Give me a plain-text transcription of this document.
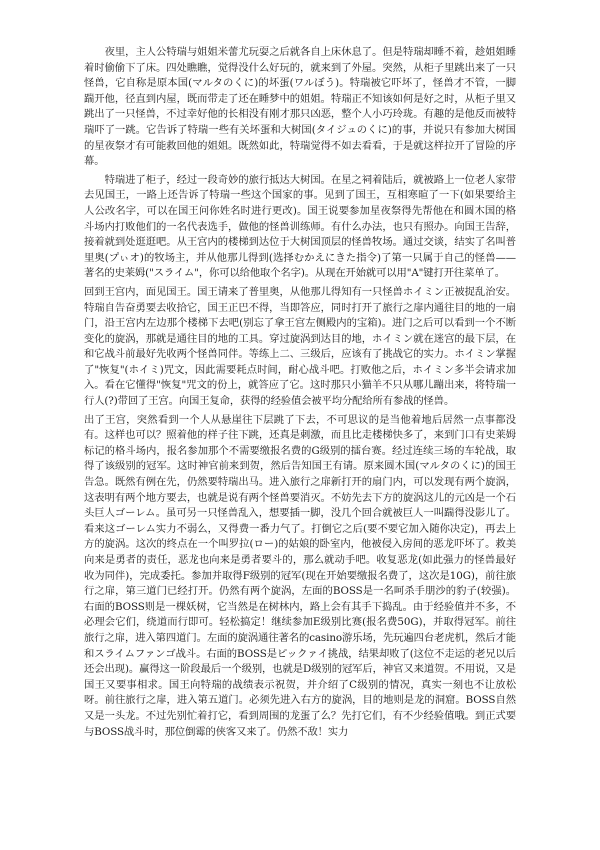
夜里，主人公特瑞与姐姐米蕾尤玩耍之后就各自上床休息了。但是特瑞却睡不着，趁姐姐睡着时偷偷下了床。四处瞧瞧，觉得没什么好玩的，就来到了外屋。突然，从柜子里跳出来了一只怪兽，它自称是原本国(マルタのくに)的坏蛋(ワルぼう)。特瑞被它吓坏了，怪兽才不管，一脚踹开他，径直到内屋，既而带走了还在睡梦中的姐姐。特瑞正不知该如何是好之时，从柜子里又跳出了一只怪兽，不过幸好他的长相没有刚才那只凶恶，整个人小巧玲珑。有趣的是他反而被特瑞吓了一跳。它告诉了特瑞一些有关坏蛋和大树国(タイジュのくに)的事，并说只有参加大树国的星夜祭才有可能救回他的姐姐。既然如此，特瑞觉得不如去看看，于是就这样拉开了冒险的序幕。

特瑞进了柜子，经过一段奇妙的旅行抵达大树国。在星之祠着陆后，就被路上一位老人家带去见国王，一路上还告诉了特瑞一些这个国家的事。见到了国王，互相寒暄了一下(如果要给主人公改名字，可以在国王问你姓名时进行更改)。国王说要参加星夜祭得先帮他在和圆木国的格斗场内打败他们的一名代表选手，做他的怪兽训练师。有什么办法，也只有照办。向国王告辞，接着就到处逛逛吧。从王宫内的楼梯到达位于大树国顶层的怪兽牧场。通过交谈，结实了名叫普里奥(プぃオ)的牧场主，并从他那儿得到(选择むかえにきた指令)了第一只属于自己的怪兽——著名的史莱姆("スライム"，你可以给他取个名字)。从现在开始就可以用"A"键打开往菜单了。

回到王宫内，面见国王。国王请来了普里奥，从他那儿得知有一只怪兽ホイミン正被捉乱治安。特瑞自告奋勇要去收拾它，国王正巴不得，当即答应，同时打开了旅行之扉内通往目的地的一扇门，沿王宫内左边那个楼梯下去吧(别忘了拿王宫左侧殿内的宝箱)。进门之后可以看到一个不断变化的旋涡，那就是通往目的地的工具。穿过旋涡到达目的地，ホイミン就在迷宫的最下层，在和它战斗前最好先收两个怪兽同伴。等练上二、三级后，应该有了挑战它的实力。ホイミン掌握了"恢复"(ホイミ)咒文，因此需要耗点时间，耐心战斗吧。打败他之后，ホイミン多半会请求加入。看在它懂得"恢复"咒文的份上，就答应了它。这时那只小猫羊不只从哪儿蹦出来，将特瑞一行人(?)带回了王宫。向国王复命，获得的经验值会被平均分配给所有参战的怪兽。

出了王宫，突然看到一个人从悬崖往下层跳了下去，不可思议的是当他着地后居然一点事都没有。这样也可以？照着他的样子往下跳，还真是刺激，而且比走楼梯快多了，来到门口有史莱姆标记的格斗场内，报名参加那个不需要缴报名费的G级别的擂台赛。经过连续三场的车轮战，取得了该级别的冠军。这时神官前来到贺，然后告知国王有请。原来圆木国(マルタのくに)的国王告急。既然有例在先，仍然要特瑞出马。进入旅行之扉新打开的扇门内，可以发现有两个旋涡，这表明有两个地方要去，也就是说有两个怪兽要消灭。不妨先去下方的旋涡这儿的元凶是一个石头巨人ゴーレム。虽可另一只怪兽乱入，想要插一脚，没几个回合就被巨人一叫踹得没影儿了。看来这ゴーレム实力不弱么，又得费一番力气了。打倒它之后(要不要它加入随你决定)，再去上方的旋涡。这次的终点在一个叫罗拉(ロー)的姑娘的卧室内，他被侵入房间的恶龙吓坏了。救美向来是勇者的责任，恶龙也向来是勇者要斗的，那么就动手吧。收复恶龙(如此强力的怪兽最好收为同伴)，完成委托。参加并取得F级别的冠军(现在开始要缴报名费了，这次是10G)，前往旅行之扉，第三道门已经打开。仍然有两个旋涡，左面的BOSS是一名呵杀手朋沙的豹子(较强)。右面的BOSS则是一棵妖树，它当然是在树林内，路上会有其手下捣乱。由于经验值并不多，不必理会它们，绕道而行即可。轻松搞定！继续参加E级别比赛(报名费50G)，并取得冠军。前往旅行之扉，进入第四道门。左面的旋涡通往著名的casino游乐场，先玩遍四台老虎机，然后才能和スライムファンゴ战斗。右面的BOSS是ピックァイ挑战，结果却败了(这位不走运的老兄以后还会出现)。赢得这一阶段最后一个级别，也就是D级别的冠军后，神官又来道贺。不用说，又是国王又要事相求。国王向特瑞的战绩表示祝贺，并介绍了C级别的情况，真实一刻也不让放松呀。前往旅行之扉，进入第五道门。必须先进入右方的旋涡，目的地则是龙的洞窟。BOSS自然又是一头龙。不过先别忙着打它，看到周围的龙蛋了么？先打它们，有不少经验值哦。到正式要与BOSS战斗时，那位倒霉的侠客又来了。仍然不敌！实力
